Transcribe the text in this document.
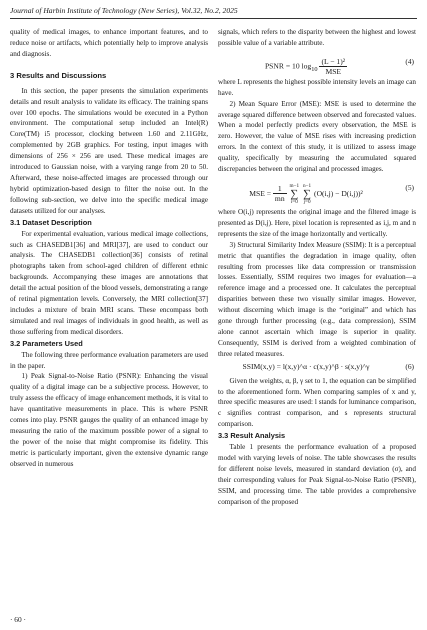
Journal of Harbin Institute of Technology (New Series), Vol.32, No.2, 2025

quality of medical images, to enhance important features, and to reduce noise or artifacts, which potentially help to improve analysis and diagnosis.

3 Results and Discussions

In this section, the paper presents the simulation experiments details and result analysis to validate its efficacy. The training spans over 100 epochs. The simulations would be executed in a Python environment. The computational setup included an Intel(R) Core(TM) i5 processor, clocking between 1.60 and 2.11GHz, complemented by 2GB graphics. For testing, input images with dimensions of 256 × 256 are used. These medical images are introduced to Gaussian noise, with a varying range from 20 to 50. Afterward, these noise-affected images are processed through our hybrid optimization-based design to filter the noise out. In the following sub-section, we delve into the specific medical image datasets utilized for our analyses.

3.1 Dataset Description

For experimental evaluation, various medical image collections, such as CHASEDB1[36] and MRI[37], are used to conduct our analysis. The CHASEDB1 collection[36] consists of retinal photographs taken from school-aged children of different ethnic backgrounds. Accompanying these images are annotations that detail the actual position of the blood vessels, demonstrating a range of retinal pigmentation levels. Conversely, the MRI collection[37] includes a mixture of brain MRI scans. These encompass both simulated and real images of individuals in good health, as well as those suffering from medical disorders.

3.2 Parameters Used

The following three performance evaluation parameters are used in the paper.

1) Peak Signal-to-Noise Ratio (PSNR): Enhancing the visual quality of a digital image can be a subjective process. However, to truly assess the efficacy of image enhancement methods, it is vital to have quantitative measurements in place. This is where PSNR comes into play. PSNR gauges the quality of an enhanced image by measuring the ratio of the maximum possible power of a signal to the power of the noise that might compromise its fidelity. This metric is particularly important, given the extensive dynamic range observed in numerous

signals, which refers to the disparity between the highest and lowest possible value of a variable attribute.

PSNR = 10 $\log_{10} \frac{\text{(L − 1)²}}{\text{MSE}}$	(4)

where L represents the highest possible intensity levels an image can have.

2) Mean Square Error (MSE): MSE is used to determine the average squared difference between observed and forecasted values. When a model perfectly predicts every observation, the MSE is zero. However, the value of MSE rises with increasing prediction errors. In the context of this study, it is utilized to assess image quality, specifically by measuring the accumulated squared discrepancies between the original and processed images.

MSE = $\frac{1}{mn} m-1$
∑
i=0 n−1
∑
j=0 (O(i,j) − D(i,j))²
(5)

where O(i,j) represents the original image and the filtered image is presented as D(i,j). Here, pixel location is represented as i,j, m and n represents the size of the image horizontally and vertically.

3) Structural Similarity Index Measure (SSIM): It is a perceptual metric that quantifies the degradation in image quality, often resulting from processes like data compression or transmission losses. Essentially, SSIM requires two images for evaluation—a reference image and a processed one. It calculates the perceptual disparities between these two visually similar images. However, without discerning which image is the “original” and which has gone through further processing (e.g., data compression), SSIM alone cannot ascertain which image is superior in quality. Consequently, SSIM is derived from a weighted combination of three related measures.

SSIM(x,y) = l(x,y)^α · c(x,y)^β · s(x,y)^γ	(6)

Given the weights, α, β, γ set to 1, the equation can be simplified to the aforementioned form. When comparing samples of x and y, three specific measures are used: l stands for luminance comparison, c signifies contrast comparison, and s represents structural comparison.

3.3 Result Analysis

Table 1 presents the performance evaluation of a proposed model with varying levels of noise. The table showcases the results for different noise levels, measured in standard deviation (σ), and their corresponding values for Peak Signal-to-Noise Ratio (PSNR), SSIM, and processing time. The table provides a comprehensive comparison of the proposed

· 60 ·
